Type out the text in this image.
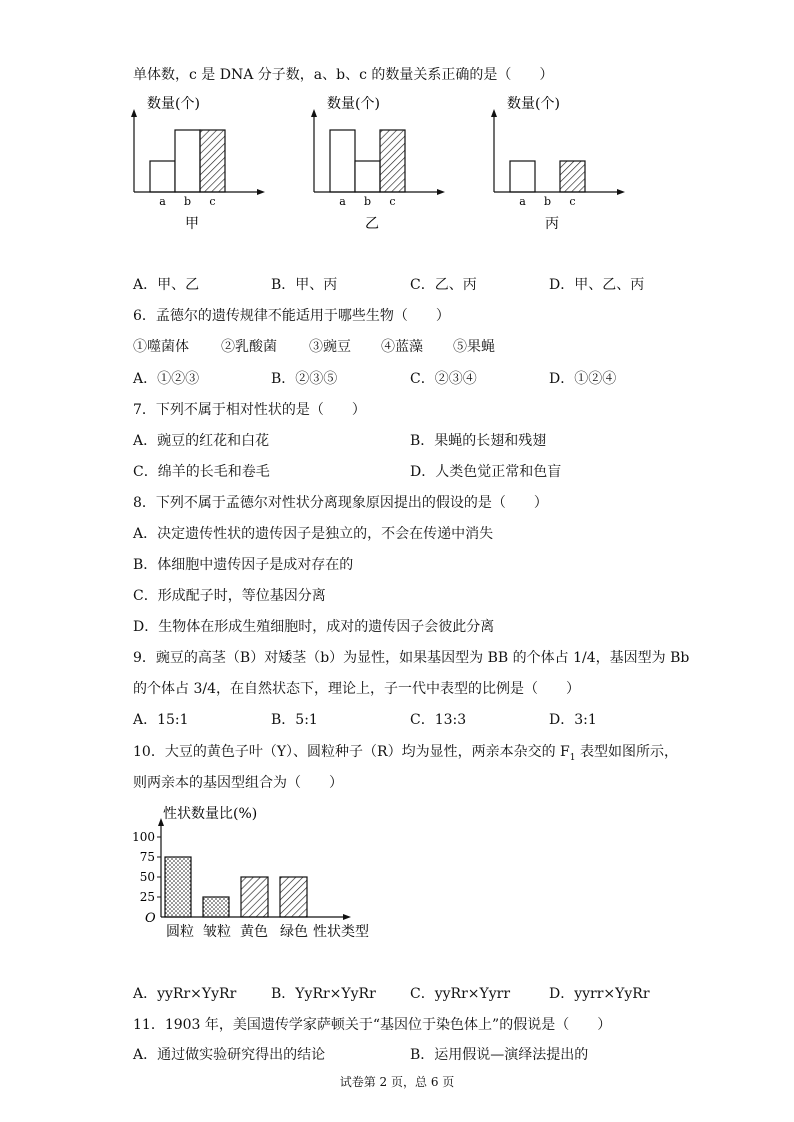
单体数，c 是 DNA 分子数，a、b、c 的数量关系正确的是（　　）
数量(个)
a b c
甲
数量(个)
a b c
乙
数量(个)
a b c
丙
A．甲、乙	B．甲、丙	C．乙、丙	D．甲、乙、丙
6．孟德尔的遗传规律不能适用于哪些生物（　　）
①噬菌体 ②乳酸菌 ③豌豆 ④蓝藻 ⑤果蝇
A．①②③	B．②③⑤	C．②③④	D．①②④
7．下列不属于相对性状的是（　　）
A．豌豆的红花和白花	B．果蝇的长翅和残翅
C．绵羊的长毛和卷毛	D．人类色觉正常和色盲
8．下列不属于孟德尔对性状分离现象原因提出的假设的是（　　）
A．决定遗传性状的遗传因子是独立的，不会在传递中消失
B．体细胞中遗传因子是成对存在的
C．形成配子时，等位基因分离
D．生物体在形成生殖细胞时，成对的遗传因子会彼此分离
9．豌豆的高茎（B）对矮茎（b）为显性，如果基因型为 BB 的个体占 1/4，基因型为 Bb
的个体占 3/4，在自然状态下，理论上，子一代中表型的比例是（　　）
A．15:1	B．5:1	C．13:3	D．3:1
10．大豆的黄色子叶（Y）、圆粒种子（R）均为显性，两亲本杂交的 $F_1$ 表型如图所示，
则两亲本的基因型组合为（　　）
性状数量比(%)
100
75
50
25
圆粒 皱粒 黄色 绿色
O
性状类型
A．yyRr×YyRr B．YyRr×YyRr C．yyRr×Yyrr	D．yyrr×YyRr
11．1903 年，美国遗传学家萨顿关于“基因位于染色体上”的假说是（　　）
A．通过做实验研究得出的结论	B．运用假说—演绎法提出的
试卷第 2 页，总 6 页
